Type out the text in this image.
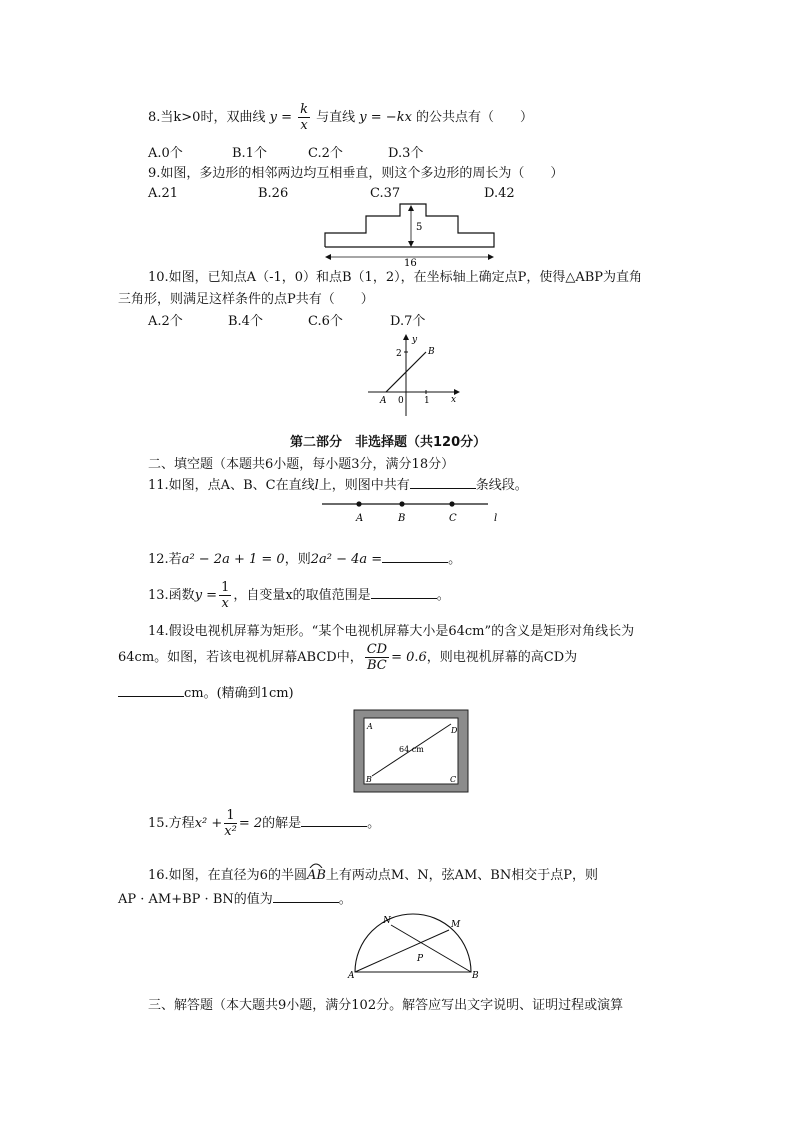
8.当k>0时，双曲线 $y = \frac{k}{x}$ 与直线 y = −kx 的公共点有（　　）
A.0个	B.1个	C.2个	D.3个
9.如图，多边形的相邻两边均互相垂直，则这个多边形的周长为（　　）
A.21	B.26	C.37	D.42
5
16
10.如图，已知点A（-1，0）和点B（1，2），在坐标轴上确定点P，使得△ABP为直角
三角形，则满足这样条件的点P共有（　　）
A.2个	B.4个	C.6个	D.7个
y
x
2
1
0
A
B
第二部分　非选择题（共120分）
二、填空题（本题共6小题，每小题3分，满分18分）
11.如图，点A、B、C在直线l上，则图中共有	条线段。
A	B	C	l
12.若a² − 2a + 1 = 0，则2a² − 4a =	。
13.函数$y = \frac{1}{x}$ ，自变量x的取值范围是	。
14.假设电视机屏幕为矩形。“某个电视机屏幕大小是64cm”的含义是矩形对角线长为
64cm。如图，若该电视机屏幕ABCD中， $\frac{CD}{BC} = 0.6$，则电视机屏幕的高CD为
cm。(精确到1cm)
A
B	C
D
64 cm
15.方程$x^2 + \frac{1}{\text{x²}} = 2$的解是	。
16.如图，在直径为6的半圆
AB上有两动点M、N，弦AM、BN相交于点P，则
AP · AM+BP · BN的值为	。
A	B
M
N
P
三、解答题（本大题共9小题，满分102分。解答应写出文字说明、证明过程或演算
